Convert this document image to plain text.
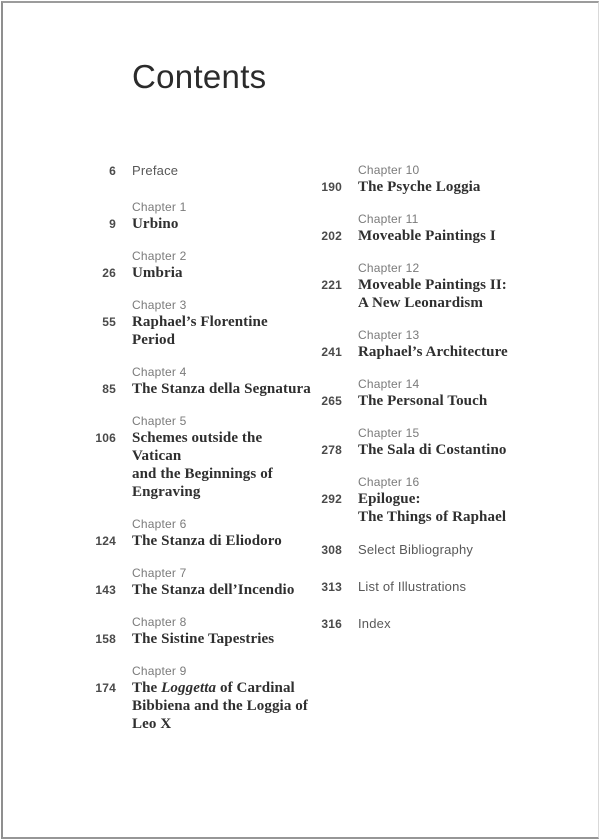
Contents
6 Preface
9
Chapter 1
Urbino
26
Chapter 2
Umbria
55
Chapter 3
Raphael’s Florentine Period
85
Chapter 4
The Stanza della Segnatura
106
Chapter 5
Schemes outside the Vatican
and the Beginnings of
Engraving
124
Chapter 6
The Stanza di Eliodoro
143
Chapter 7
The Stanza dell’Incendio
158
Chapter 8
The Sistine Tapestries
174
Chapter 9
The Loggetta of Cardinal
Bibbiena and the Loggia of
Leo X
190
Chapter 10
The Psyche Loggia
202
Chapter 11
Moveable Paintings I
221
Chapter 12
Moveable Paintings II:
A New Leonardism
241
Chapter 13
Raphael’s Architecture
265
Chapter 14
The Personal Touch
278
Chapter 15
The Sala di Costantino
292
Chapter 16
Epilogue:
The Things of Raphael
308 Select Bibliography
313 List of Illustrations
316 Index
